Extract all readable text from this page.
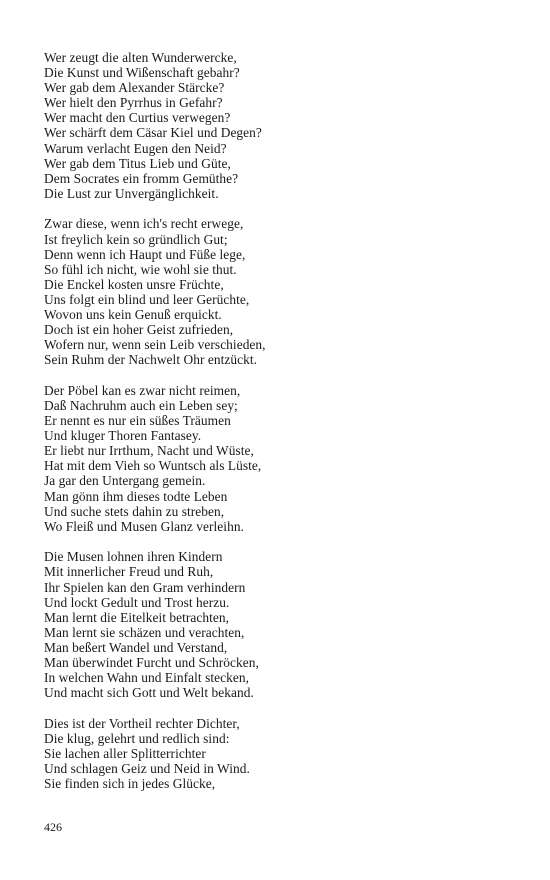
Wer zeugt die alten Wunderwercke,
Die Kunst und Wißenschaft gebahr?
Wer gab dem Alexander Stärcke?
Wer hielt den Pyrrhus in Gefahr?
Wer macht den Curtius verwegen?
Wer schärft dem Cäsar Kiel und Degen?
Warum verlacht Eugen den Neid?
Wer gab dem Titus Lieb und Güte,
Dem Socrates ein fromm Gemüthe?
Die Lust zur Unvergänglichkeit.
Zwar diese, wenn ich's recht erwege,
Ist freylich kein so gründlich Gut;
Denn wenn ich Haupt und Füße lege,
So fühl ich nicht, wie wohl sie thut.
Die Enckel kosten unsre Früchte,
Uns folgt ein blind und leer Gerüchte,
Wovon uns kein Genuß erquickt.
Doch ist ein hoher Geist zufrieden,
Wofern nur, wenn sein Leib verschieden,
Sein Ruhm der Nachwelt Ohr entzückt.
Der Pöbel kan es zwar nicht reimen,
Daß Nachruhm auch ein Leben sey;
Er nennt es nur ein süßes Träumen
Und kluger Thoren Fantasey.
Er liebt nur Irrthum, Nacht und Wüste,
Hat mit dem Vieh so Wuntsch als Lüste,
Ja gar den Untergang gemein.
Man gönn ihm dieses todte Leben
Und suche stets dahin zu streben,
Wo Fleiß und Musen Glanz verleihn.
Die Musen lohnen ihren Kindern
Mit innerlicher Freud und Ruh,
Ihr Spielen kan den Gram verhindern
Und lockt Gedult und Trost herzu.
Man lernt die Eitelkeit betrachten,
Man lernt sie schäzen und verachten,
Man beßert Wandel und Verstand,
Man überwindet Furcht und Schröcken,
In welchen Wahn und Einfalt stecken,
Und macht sich Gott und Welt bekand.
Dies ist der Vortheil rechter Dichter,
Die klug, gelehrt und redlich sind:
Sie lachen aller Splitterrichter
Und schlagen Geiz und Neid in Wind.
Sie finden sich in jedes Glücke,
426
